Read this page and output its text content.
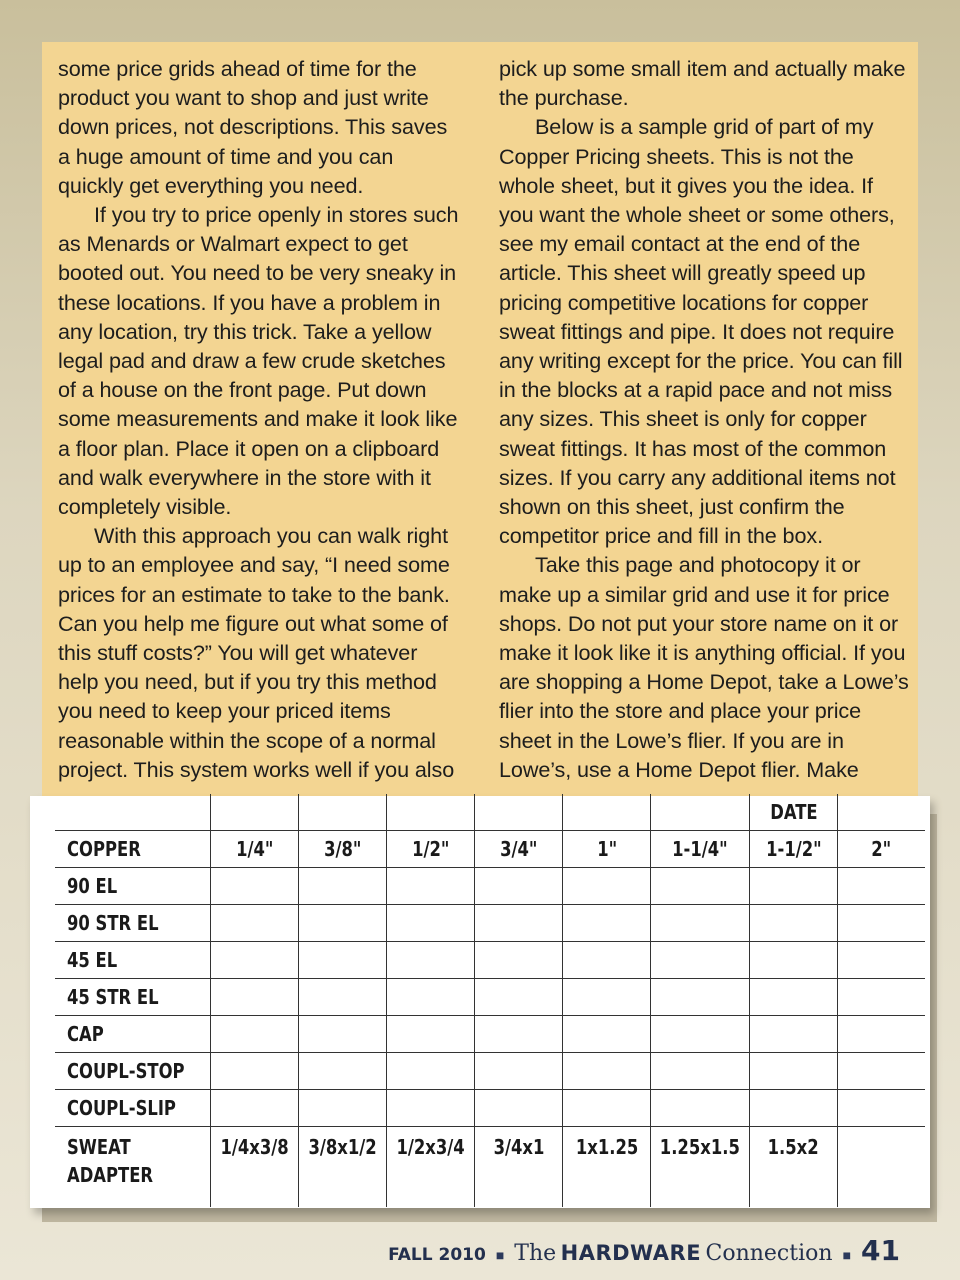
some price grids ahead of time for the product you want to shop and just write down prices, not descriptions. This saves a huge amount of time and you can quickly get everything you need.

If you try to price openly in stores such as Menards or Walmart expect to get booted out. You need to be very sneaky in these locations. If you have a problem in any location, try this trick. Take a yellow legal pad and draw a few crude sketches of a house on the front page. Put down some measurements and make it look like a floor plan. Place it open on a clipboard and walk everywhere in the store with it completely visible.

With this approach you can walk right up to an employee and say, “I need some prices for an estimate to take to the bank. Can you help me figure out what some of this stuff costs?” You will get whatever help you need, but if you try this method you need to keep your priced items reasonable within the scope of a normal project. This system works well if you also

pick up some small item and actually make the purchase.

Below is a sample grid of part of my Copper Pricing sheets. This is not the whole sheet, but it gives you the idea. If you want the whole sheet or some others, see my email contact at the end of the article. This sheet will greatly speed up pricing competitive locations for copper sweat fittings and pipe. It does not require any writing except for the price. You can fill in the blocks at a rapid pace and not miss any sizes. This sheet is only for copper sweat fittings. It has most of the common sizes. If you carry any additional items not shown on this sheet, just confirm the competitor price and fill in the box.

Take this page and photocopy it or make up a similar grid and use it for price shops. Do not put your store name on it or make it look like it is anything official. If you are shopping a Home Depot, take a Lowe’s flier into the store and place your price sheet in the Lowe’s flier. If you are in Lowe’s, use a Home Depot flier. Make

							DATE	
COPPER	1/4"	3/8"	1/2"	3/4"	1"	1-1/4"	1-1/2"	2"
90 EL								
90 STR EL								
45 EL								
45 STR EL								
CAP								
COUPL-STOP								
COUPL-SLIP								
SWEAT
ADAPTER	1/4x3/8	3/8x1/2	1/2x3/4	3/4x1	1x1.25	1.25x1.5	1.5x2	
FALL 2010 ■ The HARDWARE Connection ■ 41
